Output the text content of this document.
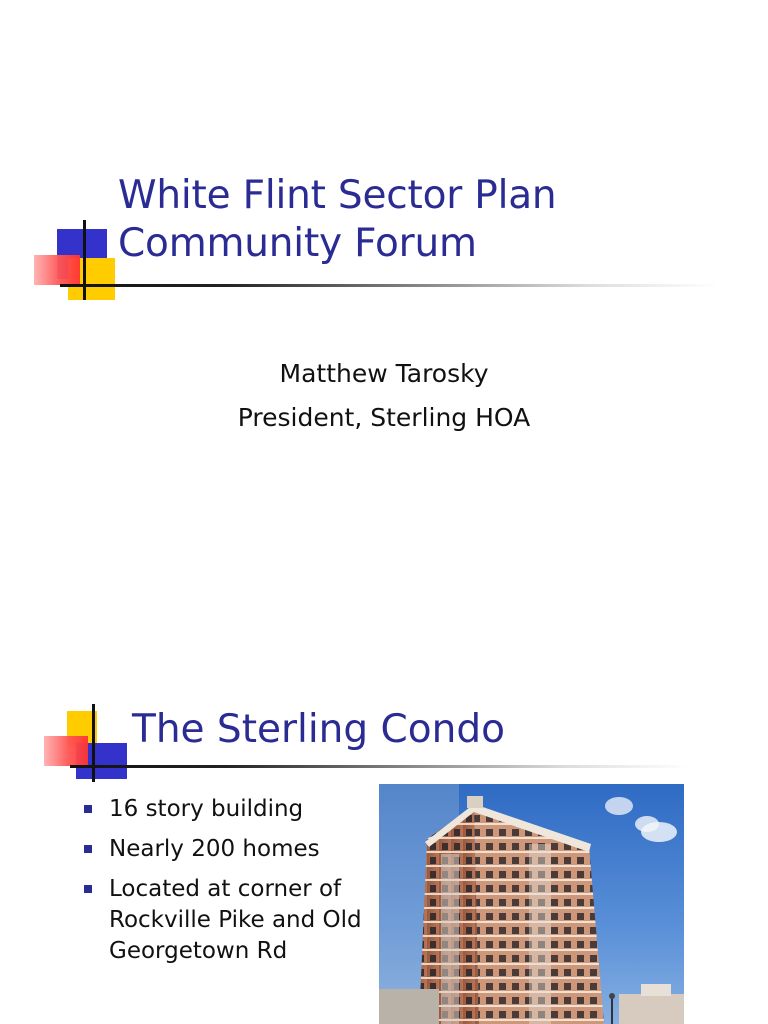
White Flint Sector Plan
Community Forum
Matthew Tarosky
President, Sterling HOA
The Sterling Condo
16 story building
Nearly 200 homes
Located at corner of Rockville Pike and Old Georgetown Rd
